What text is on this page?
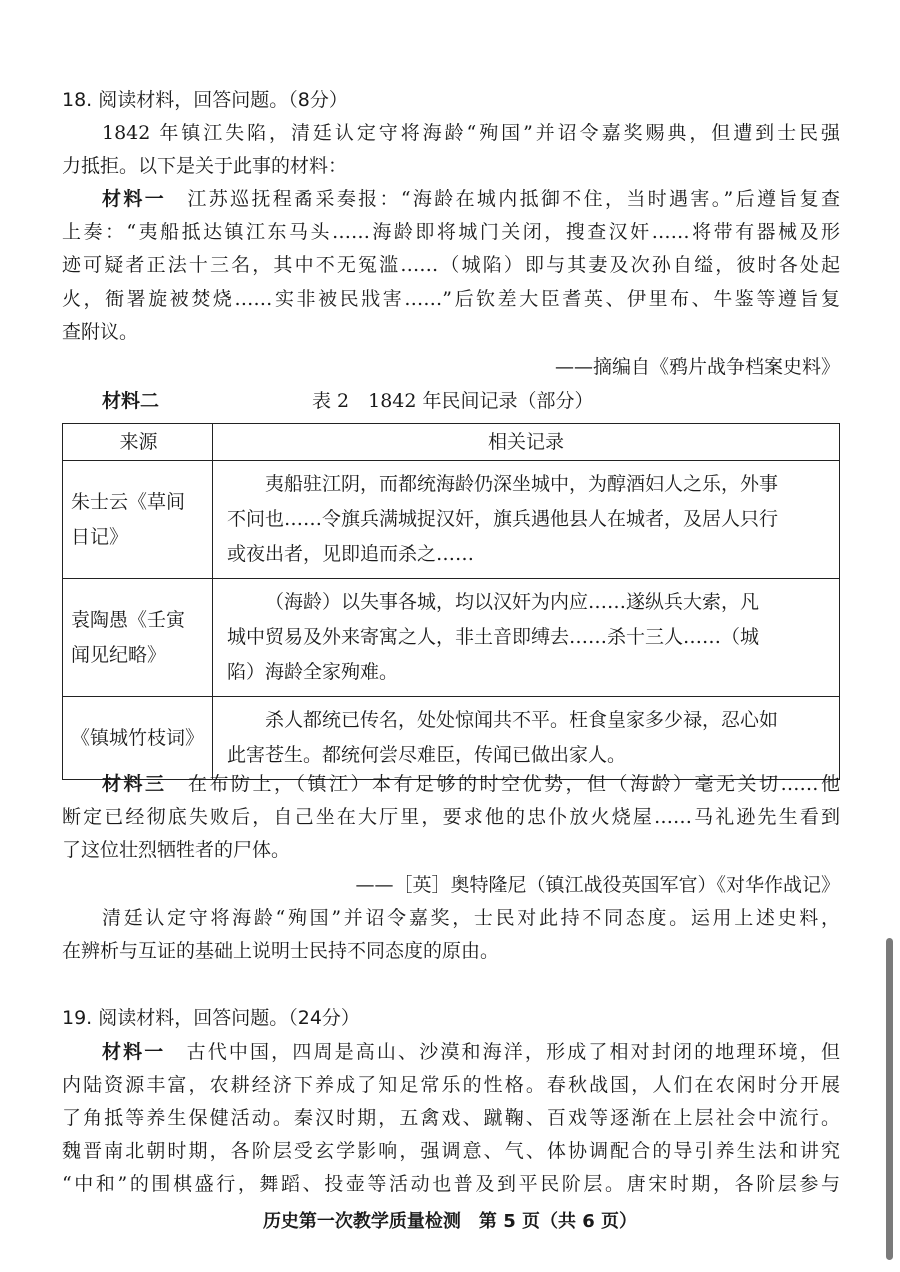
18. 阅读材料，回答问题。（8分）
1842 年镇江失陷，清廷认定守将海龄“殉国”并诏令嘉奖赐典，但遭到士民强
力抵拒。以下是关于此事的材料：
材料一　 江苏巡抚程矞采奏报：“海龄在城内抵御不住，当时遇害。”后遵旨复查
上奏：“夷船抵达镇江东马头……海龄即将城门关闭，搜查汉奸……将带有器械及形
迹可疑者正法十三名，其中不无冤滥……（城陷）即与其妻及次孙自缢，彼时各处起
火，衙署旋被焚烧……实非被民戕害……”后钦差大臣耆英、伊里布、牛鉴等遵旨复
查附议。
——摘编自《鸦片战争档案史料》
材料二	表 2　1842 年民间记录（部分）
来源	相关记录

朱士云《草间
日记》	夷船驻江阴，而都统海龄仍深坐城中，为醇酒妇人之乐，外事
不问也……令旗兵满城捉汉奸，旗兵遇他县人在城者，及居人只行
或夜出者，见即追而杀之……

袁陶愚《壬寅
闻见纪略》	（海龄）以失事各城，均以汉奸为内应……遂纵兵大索，凡
城中贸易及外来寄寓之人，非土音即缚去……杀十三人……（城
陷）海龄全家殉难。

《镇城竹枝词》	杀人都统已传名，处处惊闻共不平。枉食皇家多少禄，忍心如
此害苍生。都统何尝尽难臣，传闻已做出家人。
材料三　 在布防上，（镇江）本有足够的时空优势，但（海龄）毫无关切……他
断定已经彻底失败后，自己坐在大厅里，要求他的忠仆放火烧屋……马礼逊先生看到
了这位壮烈牺牲者的尸体。
——［英］奥特隆尼（镇江战役英国军官）《对华作战记》
清廷认定守将海龄“殉国”并诏令嘉奖，士民对此持不同态度。运用上述史料，
在辨析与互证的基础上说明士民持不同态度的原由。
19. 阅读材料，回答问题。（24分）
材料一　 古代中国，四周是高山、沙漠和海洋，形成了相对封闭的地理环境，但
内陆资源丰富，农耕经济下养成了知足常乐的性格。春秋战国，人们在农闲时分开展
了角抵等养生保健活动。秦汉时期，五禽戏、蹴鞠、百戏等逐渐在上层社会中流行。
魏晋南北朝时期，各阶层受玄学影响，强调意、气、体协调配合的导引养生法和讲究
“中和”的围棋盛行，舞蹈、投壶等活动也普及到平民阶层。唐宋时期，各阶层参与
历史第一次教学质量检测　第 5 页（共 6 页）
